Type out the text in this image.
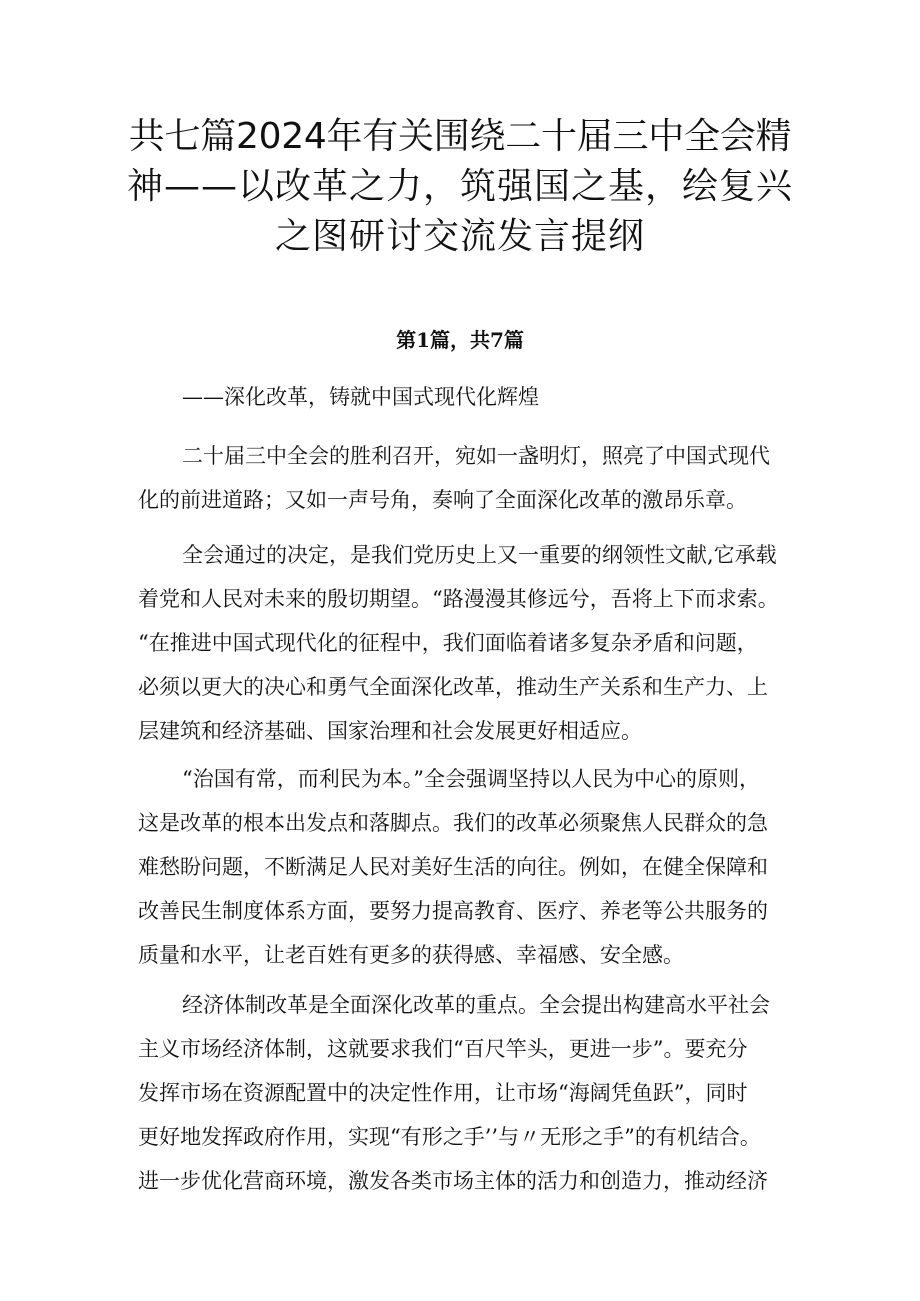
共七篇2024年有关围绕二十届三中全会精
神——以改革之力，筑强国之基，绘复兴
之图研讨交流发言提纲
第1篇，共7篇
——深化改革，铸就中国式现代化辉煌
二十届三中全会的胜利召开，宛如一盏明灯，照亮了中国式现代
化的前进道路；又如一声号角，奏响了全面深化改革的激昂乐章。
全会通过的决定，是我们党历史上又一重要的纲领性文献,它承载
着党和人民对未来的殷切期望。“路漫漫其修远兮，吾将上下而求索。
“在推进中国式现代化的征程中，我们面临着诸多复杂矛盾和问题，
必须以更大的决心和勇气全面深化改革，推动生产关系和生产力、上
层建筑和经济基础、国家治理和社会发展更好相适应。
“治国有常，而利民为本。”全会强调坚持以人民为中心的原则，
这是改革的根本出发点和落脚点。我们的改革必须聚焦人民群众的急
难愁盼问题，不断满足人民对美好生活的向往。例如，在健全保障和
改善民生制度体系方面，要努力提高教育、医疗、养老等公共服务的
质量和水平，让老百姓有更多的获得感、幸福感、安全感。
经济体制改革是全面深化改革的重点。全会提出构建高水平社会
主义市场经济体制，这就要求我们“百尺竿头，更进一步”。要充分
发挥市场在资源配置中的决定性作用，让市场“海阔凭鱼跃”，同时
更好地发挥政府作用，实现“有形之手’’与〃无形之手”的有机结合。
进一步优化营商环境，激发各类市场主体的活力和创造力，推动经济
